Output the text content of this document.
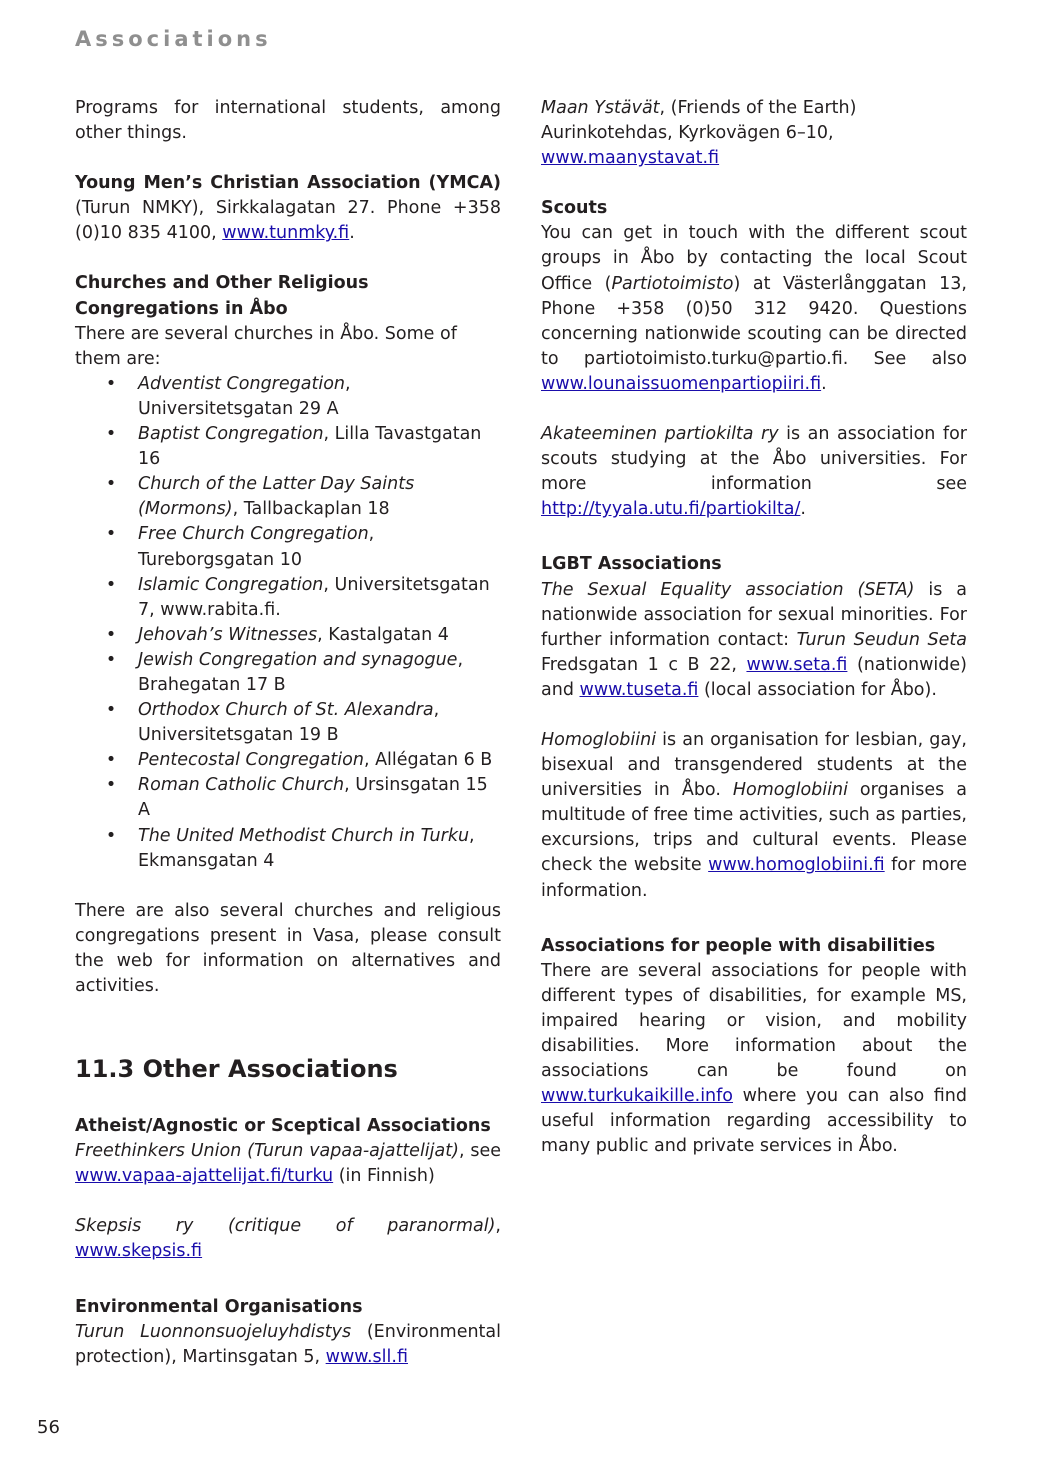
Associations

Programs for international students, among other things.

Young Men’s Christian Association (YMCA) (Turun NMKY), Sirkkalagatan 27. Phone +358 (0)10 835 4100, www.tunmky.fi.

Churches and Other Religious Congregations in Åbo

There are several churches in Åbo. Some of them are:

• Adventist Congregation, Universitetsgatan 29 A
• Baptist Congregation, Lilla Tavastgatan 16
• Church of the Latter Day Saints (Mormons), Tallbackaplan 18
• Free Church Congregation, Tureborgsgatan 10
• Islamic Congregation, Universitetsgatan 7, www.rabita.fi.
• Jehovah’s Witnesses, Kastalgatan 4
• Jewish Congregation and synagogue, Brahegatan 17 B
• Orthodox Church of St. Alexandra, Universitetsgatan 19 B
• Pentecostal Congregation, Allégatan 6 B
• Roman Catholic Church, Ursinsgatan 15 A
• The United Methodist Church in Turku, Ekmansgatan 4

There are also several churches and religious congregations present in Vasa, please consult the web for information on alternatives and activities.

11.3 Other Associations

Atheist/Agnostic or Sceptical Associations

Freethinkers Union (Turun vapaa-ajattelijat), see www.vapaa-ajattelijat.fi/turku (in Finnish)

Skepsis ry (critique of paranormal), www.skepsis.fi

Environmental Organisations

Turun Luonnonsuojeluyhdistys (Environmental protection), Martinsgatan 5, www.sll.fi

Maan Ystävät, (Friends of the Earth) Aurinkotehdas, Kyrkovägen 6–10, www.maanystavat.fi

Scouts

You can get in touch with the different scout groups in Åbo by contacting the local Scout Office (Partiotoimisto) at Västerlånggatan 13, Phone +358 (0)50 312 9420. Questions concerning nationwide scouting can be directed to partiotoimisto.turku@partio.fi. See also www.lounaissuomenpartiopiiri.fi.

Akateeminen partiokilta ry is an association for scouts studying at the Åbo universities. For more information see http://tyyala.utu.fi/partiokilta/.

LGBT Associations

The Sexual Equality association (SETA) is a nationwide association for sexual minorities. For further information contact: Turun Seudun Seta Fredsgatan 1 c B 22, www.seta.fi (nationwide) and www.tuseta.fi (local association for Åbo).

Homoglobiini is an organisation for lesbian, gay, bisexual and transgendered students at the universities in Åbo. Homoglobiini organises a multitude of free time activities, such as parties, excursions, trips and cultural events. Please check the website www.homoglobiini.fi for more information.

Associations for people with disabilities

There are several associations for people with different types of disabilities, for example MS, impaired hearing or vision, and mobility disabilities. More information about the associations can be found on www.turkukaikille.info where you can also find useful information regarding accessibility to many public and private services in Åbo.

56
